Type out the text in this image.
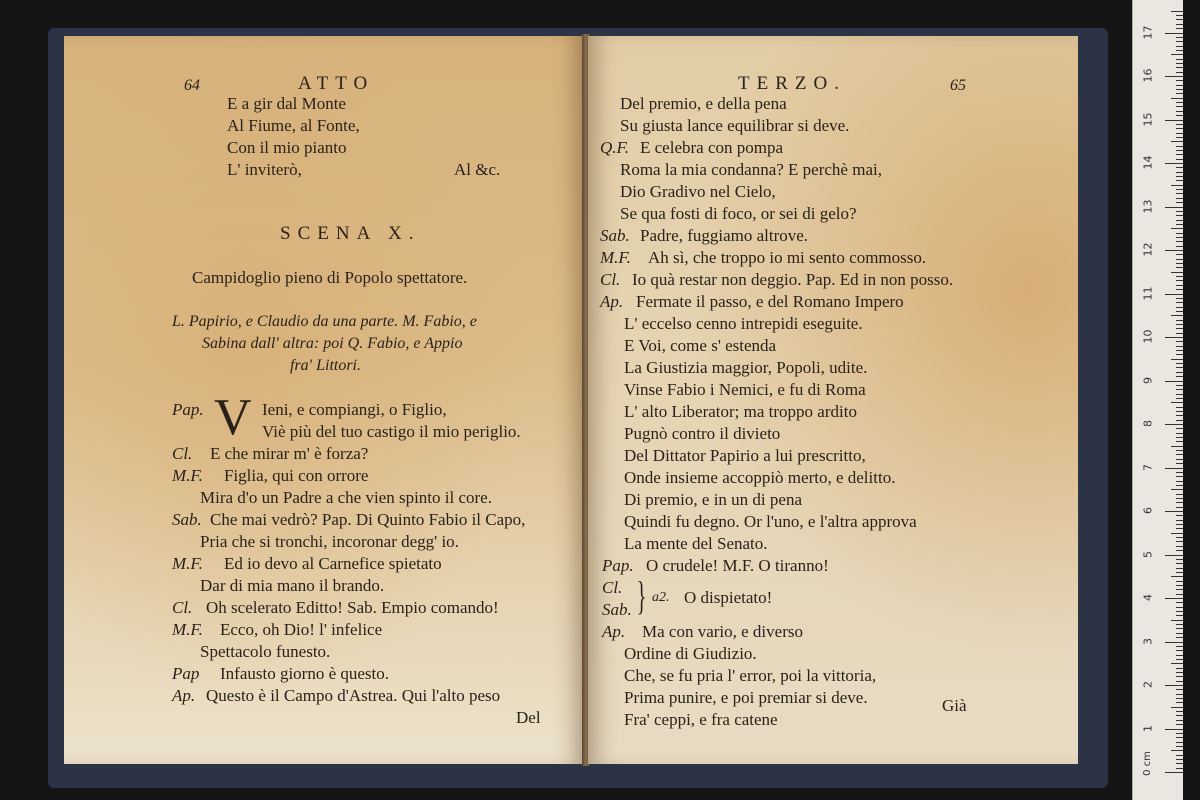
64	ATTO
E a gir dal Monte
Al Fiume, al Fonte,
Con il mio pianto
L' inviterò,	Al &c.
SCENA X.
Campidoglio pieno di Popolo spettatore.
L. Papirio, e Claudio da una parte. M. Fabio, e
Sabina dall' altra: poi Q. Fabio, e Appio
fra' Littori.
Pap. V Ieni, e compiangi, o Figlio,
Viè più del tuo castigo il mio periglio.
Cl. E che mirar m' è forza?
M.F. Figlia, qui con orrore
Mira d'o un Padre a che vien spinto il core.
Sab. Che mai vedrò? Pap. Di Quinto Fabio il Capo,
Pria che si tronchi, incoronar degg' io.
M.F. Ed io devo al Carnefice spietato
Dar di mia mano il brando.
Cl. Oh scelerato Editto! Sab. Empio comando!
M.F. Ecco, oh Dio! l' infelice
Spettacolo funesto.
Pap Infausto giorno è questo.
Ap. Questo è il Campo d'Astrea. Qui l'alto peso
Del
TERZO.	65
Del premio, e della pena
Su giusta lance equilibrar si deve.
Q.F. E celebra con pompa
Roma la mia condanna? E perchè mai,
Dio Gradivo nel Cielo,
Se qua fosti di foco, or sei di gelo?
Sab. Padre, fuggiamo altrove.
M.F. Ah sì, che troppo io mi sento commosso.
Cl. Io quà restar non deggio. Pap. Ed in non posso.
Ap. Fermate il passo, e del Romano Impero
L' eccelso cenno intrepidi eseguite.
E Voi, come s' estenda
La Giustizia maggior, Popoli, udite.
Vinse Fabio i Nemici, e fu di Roma
L' alto Liberator; ma troppo ardito
Pugnò contro il divieto
Del Dittator Papirio a lui prescritto,
Onde insieme accoppiò merto, e delitto.
Di premio, e in un di pena
Quindi fu degno. Or l'uno, e l'altra approva
La mente del Senato.
Pap. O crudele! M.F. O tiranno!
Cl.
Sab. } a2. O dispietato!
Ap. Ma con vario, e diverso
Ordine di Giudizio.
Che, se fu pria l' error, poi la vittoria,
Prima punire, e poi premiar si deve.
Fra' ceppi, e fra catene
Già
0 cm
1
2
3
4
5
6
7
8
9
10
11
12
13
14
15
16
17
